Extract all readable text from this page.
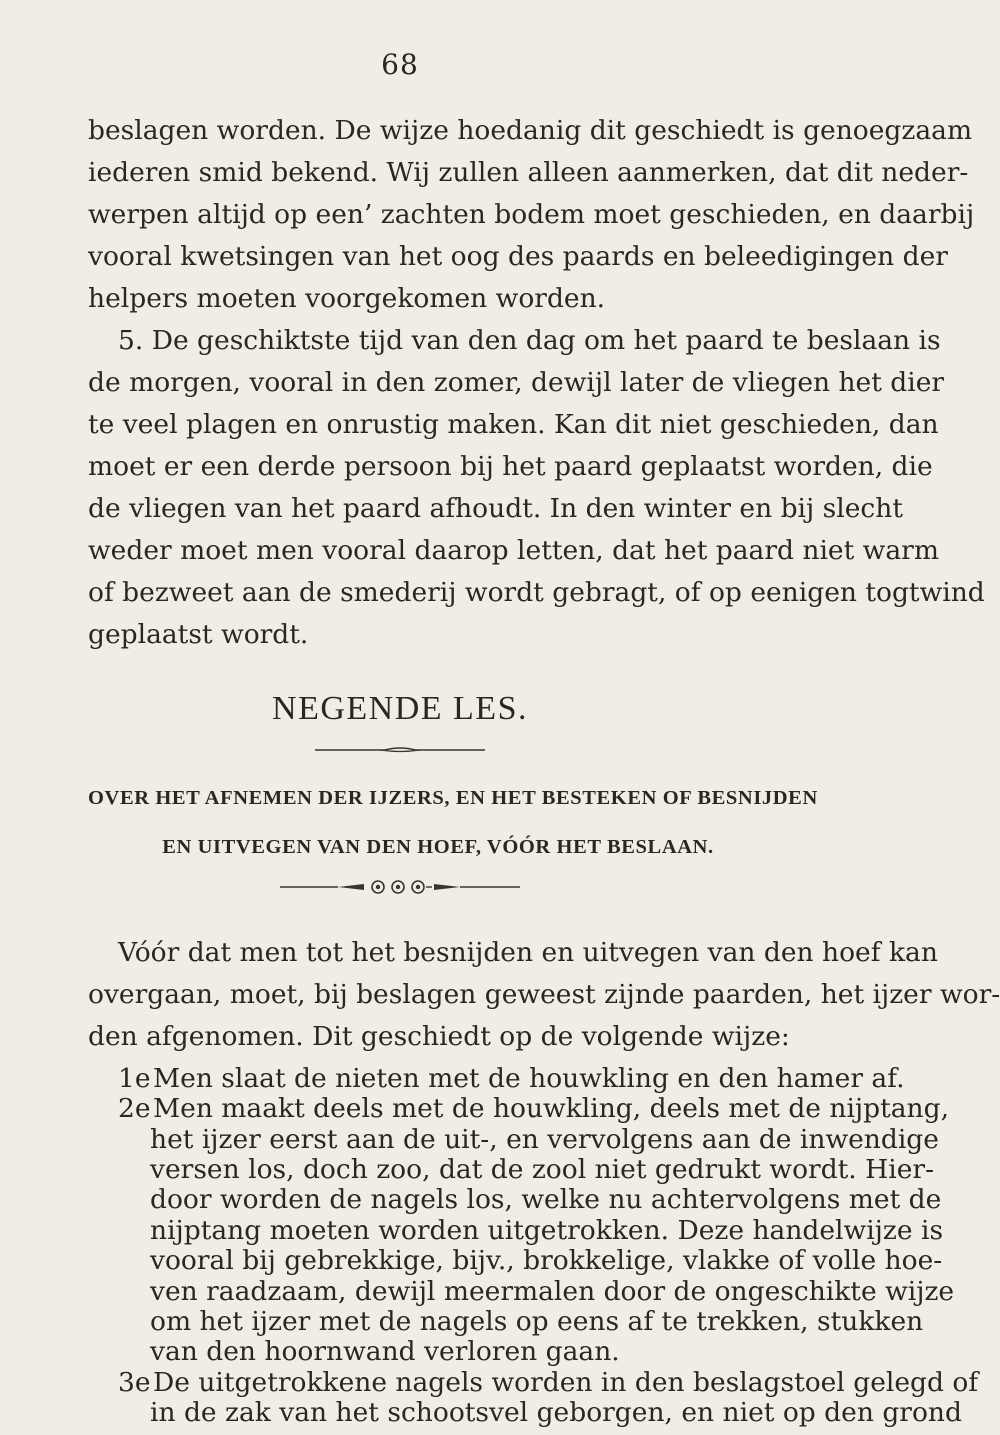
68
beslagen worden. De wijze hoedanig dit geschiedt is genoegzaam
iederen smid bekend. Wij zullen alleen aanmerken, dat dit neder-
werpen altijd op een’ zachten bodem moet geschieden, en daarbij
vooral kwetsingen van het oog des paards en beleedigingen der
helpers moeten voorgekomen worden.
5. De geschiktste tijd van den dag om het paard te beslaan is
de morgen, vooral in den zomer, dewijl later de vliegen het dier
te veel plagen en onrustig maken. Kan dit niet geschieden, dan
moet er een derde persoon bij het paard geplaatst worden, die
de vliegen van het paard afhoudt. In den winter en bij slecht
weder moet men vooral daarop letten, dat het paard niet warm
of bezweet aan de smederij wordt gebragt, of op eenigen togtwind
geplaatst wordt.
NEGENDE LES.
OVER HET AFNEMEN DER IJZERS, EN HET BESTEKEN OF BESNIJDEN
EN UITVEGEN VAN DEN HOEF, VÓÓR HET BESLAAN.
Vóór dat men tot het besnijden en uitvegen van den hoef kan
overgaan, moet, bij beslagen geweest zijnde paarden, het ijzer wor-
den afgenomen. Dit geschiedt op de volgende wijze:
1eMen slaat de nieten met de houwkling en den hamer af.
2eMen maakt deels met de houwkling, deels met de nijptang,
het ijzer eerst aan de uit-, en vervolgens aan de inwendige
versen los, doch zoo, dat de zool niet gedrukt wordt. Hier-
door worden de nagels los, welke nu achtervolgens met de
nijptang moeten worden uitgetrokken. Deze handelwijze is
vooral bij gebrekkige, bijv., brokkelige, vlakke of volle hoe-
ven raadzaam, dewijl meermalen door de ongeschikte wijze
om het ijzer met de nagels op eens af te trekken, stukken
van den hoornwand verloren gaan.
3eDe uitgetrokkene nagels worden in den beslagstoel gelegd of
in de zak van het schootsvel geborgen, en niet op den grond
